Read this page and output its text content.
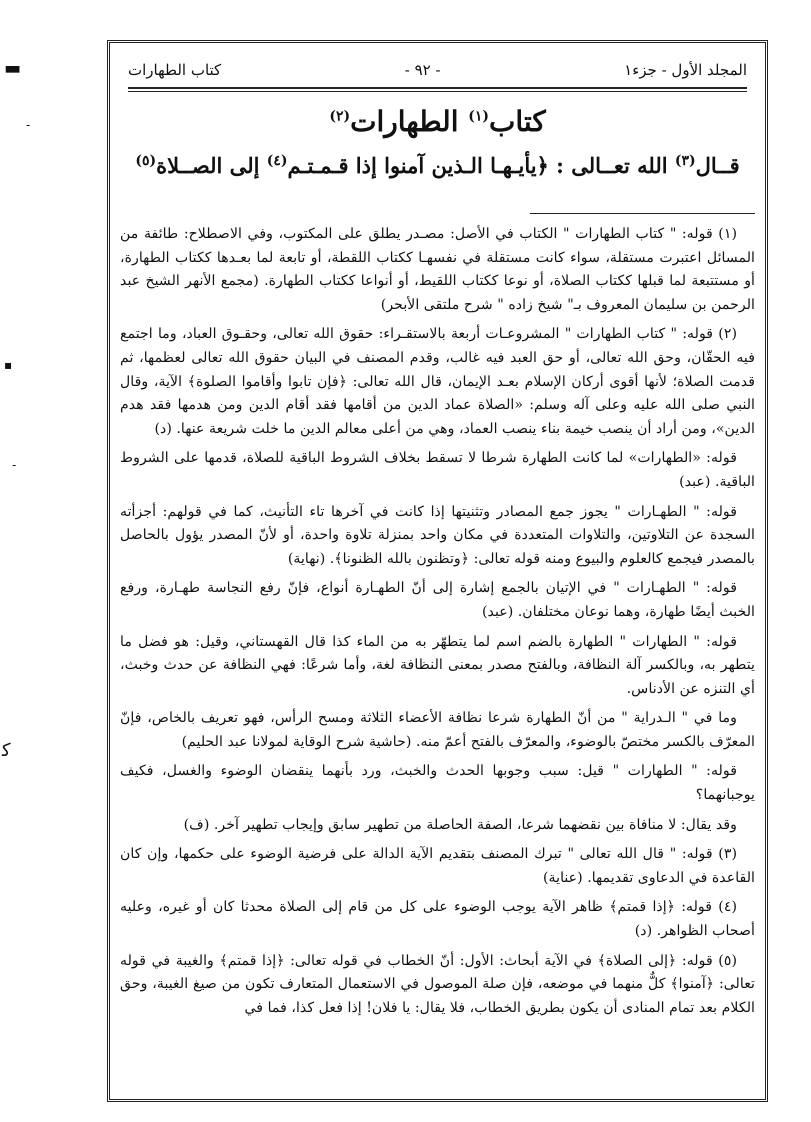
▬
-
▪
-
ﮐ
المجلد الأول - جزء١
- ٩٢ -
كتاب الطهارات
كتاب$^{(١)}$ الطهارات$^{(٢)}$
قــال$^{(٣)}$ الله تعــالى : ﴿يأيـهـا الـذين آمنوا إذا قـمـتـم$^{(٤)}$ إلى الصــلاة$^{(٥)}$

(١) قوله: " كتاب الطهارات " الكتاب في الأصل: مصـدر يطلق على المكتوب، وفي الاصطلاح: طائفة من المسائل اعتبرت مستقلة، سواء كانت مستقلة في نفسهـا ككتاب اللقطة، أو تابعة لما بعـدها ككتاب الطهارة، أو مستتبعة لما قبلها ككتاب الصلاة، أو نوعا ككتاب اللقيط، أو أنواعا ككتاب الطهارة. (مجمع الأنهر الشيخ عبد الرحمن بن سليمان المعروف بـ" شيخ زاده " شرح ملتقى الأبحر)

(٢) قوله: " كتاب الطهارات " المشروعـات أربعة بالاستقـراء: حقوق الله تعالى، وحقـوق العباد، وما اجتمع فيه الحقّان، وحق الله تعالى، أو حق العبد فيه غالب، وقدم المصنف في البيان حقوق الله تعالى لعظمها، ثم قدمت الصلاة؛ لأنها أقوى أركان الإسلام بعـد الإيمان، قال الله تعالى: ﴿فإن تابوا وأقاموا الصلوة﴾ الآية، وقال النبي صلى الله عليه وعلى آله وسلم: «الصلاة عماد الدين من أقامها فقد أقام الدين ومن هدمها فقد هدم الدين»، ومن أراد أن ينصب خيمة بناء ينصب العماد، وهي من أعلى معالم الدين ما خلت شريعة عنها. (د)

قوله: «الطهارات» لما كانت الطهارة شرطا لا تسقط بخلاف الشروط الباقية للصلاة، قدمها على الشروط الباقية. (عبد)

قوله: " الطهـارات " يجوز جمع المصادر وتثنيتها إذا كانت في آخرها تاء التأنيث، كما في قولهم: أجزأته السجدة عن التلاوتين، والتلاوات المتعددة في مكان واحد بمنزلة تلاوة واحدة، أو لأنّ المصدر يؤول بالحاصل بالمصدر فيجمع كالعلوم والبيوع ومنه قوله تعالى: ﴿وتظنون بالله الظنونا﴾. (نهاية)

قوله: " الطهـارات " في الإتيان بالجمع إشارة إلى أنّ الطهـارة أنواع، فإنّ رفع النجاسة طهـارة، ورفع الخبث أيضًا طهارة، وهما نوعان مختلفان. (عبد)

قوله: " الطهارات " الطهارة بالضم اسم لما يتطهّر به من الماء كذا قال القهستاني، وقيل: هو فضل ما يتطهر به، وبالكسر آلة النظافة، وبالفتح مصدر بمعنى النظافة لغة، وأما شرعًا: فهي النظافة عن حدث وخبث، أي التنزه عن الأدناس.

وما في " الـدراية " من أنّ الطهارة شرعا نظافة الأعضاء الثلاثة ومسح الرأس، فهو تعريف بالخاص، فإنّ المعرّف بالكسر مختصّ بالوضوء، والمعرّف بالفتح أعمّ منه. (حاشية شرح الوقاية لمولانا عبد الحليم)

قوله: " الطهارات " قيل: سبب وجوبها الحدث والخبث، ورد بأنهما ينقضان الوضوء والغسل، فكيف يوجبانهما؟

وقد يقال: لا منافاة بين نقضهما شرعا، الصفة الحاصلة من تطهير سابق وإيجاب تطهير آخر. (ف)

(٣) قوله: " قال الله تعالى " تبرك المصنف بتقديم الآية الدالة على فرضية الوضوء على حكمها، وإن كان القاعدة في الدعاوى تقديمها. (عناية)

(٤) قوله: ﴿إذا قمتم﴾ ظاهر الآية يوجب الوضوء على كل من قام إلى الصلاة محدثا كان أو غيره، وعليه أصحاب الظواهر. (د)

(٥) قوله: ﴿إلى الصلاة﴾ في الآية أبحاث: الأول: أنّ الخطاب في قوله تعالى: ﴿إذا قمتم﴾ والغيبة في قوله تعالى: ﴿آمنوا﴾ كلٌّ منهما في موضعه، فإن صلة الموصول في الاستعمال المتعارف تكون من صيغ الغيبة، وحق الكلام بعد تمام المنادى أن يكون بطريق الخطاب، فلا يقال: يا فلان! إذا فعل كذا، فما في
